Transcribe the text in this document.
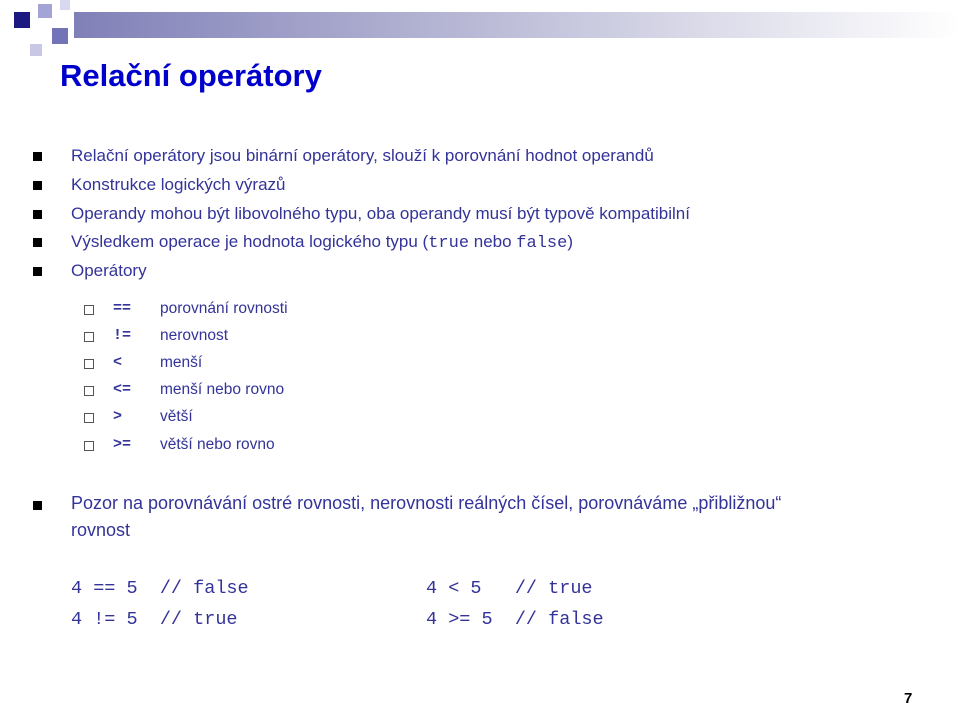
Relační operátory
Relační operátory jsou binární operátory, slouží k porovnání hodnot operandů
Konstrukce logických výrazů
Operandy mohou být libovolného typu, oba operandy musí být typově kompatibilní
Výsledkem operace je hodnota logického typu (true nebo false)
Operátory
== porovnání rovnosti
!= nerovnost
< menší
<= menší nebo rovno
> větší
>= větší nebo rovno
Pozor na porovnávání ostré rovnosti, nerovnosti reálných čísel, porovnáváme „přibližnou“
rovnost
4 == 5  // false	4 < 5   // true
4 != 5  // true	4 >= 5  // false
7
